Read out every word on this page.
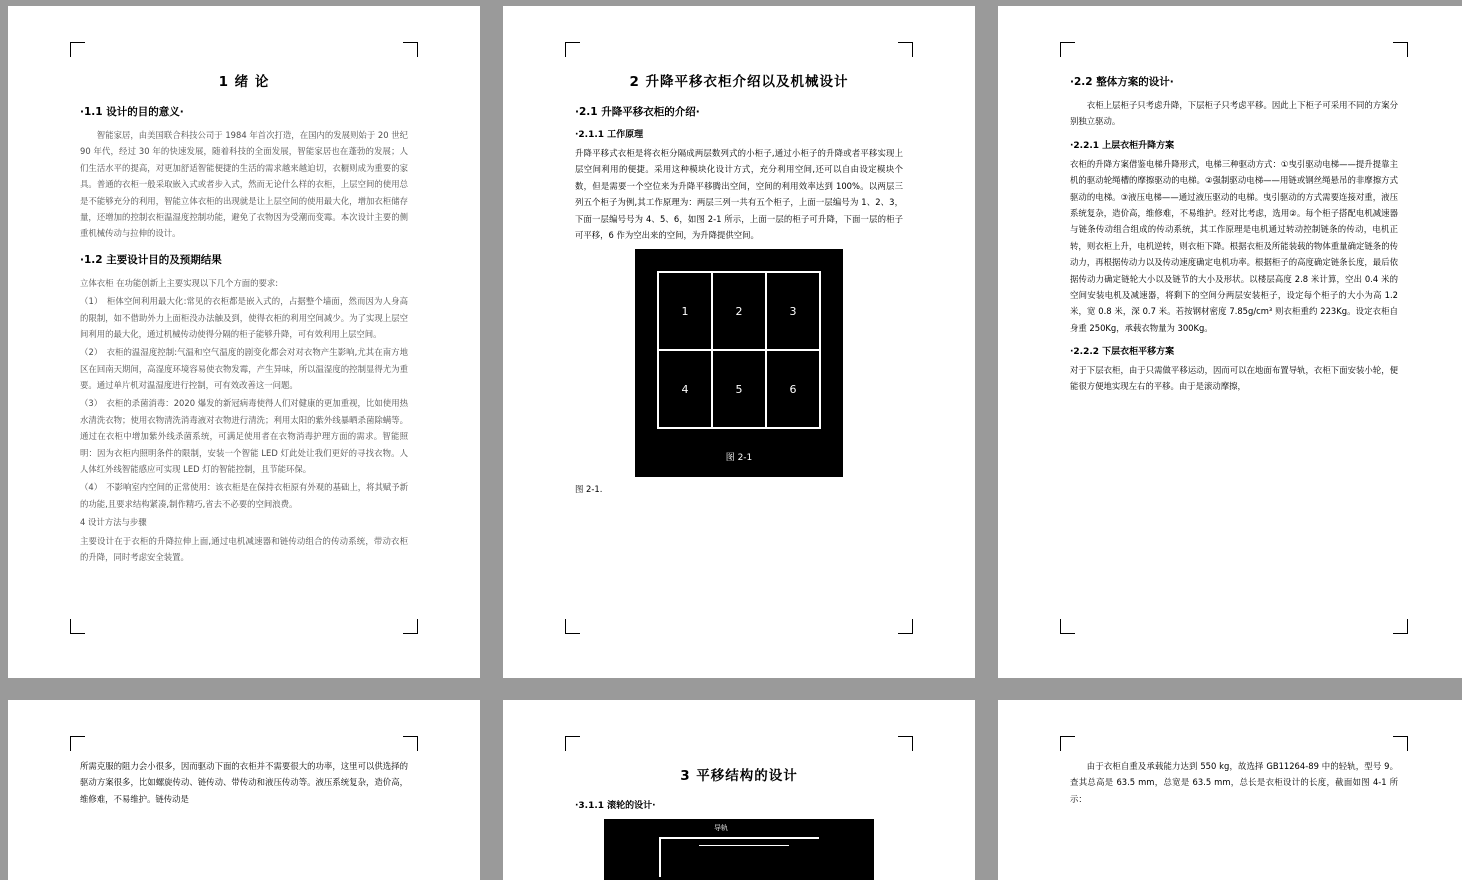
1 绪 论
·1.1 设计的目的意义·

智能家居，由美国联合科技公司于 1984 年首次打造，在国内的发展则始于 20 世纪 90 年代，经过 30 年的快速发展，随着科技的全面发展，智能家居也在蓬勃的发展；人们生活水平的提高，对更加舒适智能便捷的生活的需求越来越迫切，衣橱则成为重要的家具。普通的衣柜一般采取嵌入式或者步入式，然而无论什么样的衣柜，上层空间的使用总是不能够充分的利用，智能立体衣柜的出现就是让上层空间的使用最大化，增加衣柜储存量，还增加的控制衣柜温湿度控制功能，避免了衣物因为受潮而变霉。本次设计主要的侧重机械传动与拉伸的设计。

·1.2 主要设计目的及预期结果

立体衣柜 在功能创新上主要实现以下几个方面的要求:

（1）　柜体空间利用最大化:常见的衣柜都是嵌入式的，占据整个墙面，然而因为人身高的限制，如不借助外力上面柜没办法触及到，使得衣柜的利用空间减少。为了实现上层空间利用的最大化，通过机械传动使得分隔的柜子能够升降，可有效利用上层空间。

（2）　衣柜的温湿度控制:气温和空气温度的剧变化都会对对衣物产生影响,尤其在南方地区在回南天期间，高湿度环境容易使衣物发霉，产生异味，所以温湿度的控制显得尤为重要。通过单片机对温湿度进行控制，可有效改善这一问题。

（3）　衣柜的杀菌消毒：2020 爆发的新冠病毒使得人们对健康的更加重视，比如使用热水清洗衣物；使用衣物清洗消毒液对衣物进行清洗；利用太阳的紫外线暴晒杀菌除螨等。通过在衣柜中增加紫外线杀菌系统，可满足使用者在衣物消毒护理方面的需求。智能照明：因为衣柜内照明条件的限制，安装一个智能 LED 灯此处让我们更好的寻找衣物。人人体红外线智能感应可实现 LED 灯的智能控制，且节能环保。

（4）　不影响室内空间的正常使用：该衣柜是在保持衣柜原有外观的基础上，将其赋予新的功能,且要求结构紧凑,制作精巧,省去不必要的空间浪费。

4 设计方法与步骤

主要设计在于衣柜的升降拉伸上面,通过电机减速器和链传动组合的传动系统，带动衣柜的升降，同时考虑安全装置。

2 升降平移衣柜介绍以及机械设计
·2.1 升降平移衣柜的介绍·
·2.1.1 工作原理

升降平移式衣柜是将衣柜分隔成两层数列式的小柜子,通过小柜子的升降或者平移实现上层空间利用的便捷。采用这种模块化设计方式，充分利用空间,还可以自由设定模块个数，但是需要一个空位来为升降平移腾出空间，空间的利用效率达到 100%。以两层三列五个柜子为例,其工作原理为：两层三列一共有五个柜子，上面一层编号为 1、2、3，下面一层编号号为 4、5、6，如图 2-1 所示，上面一层的柜子可升降，下面一层的柜子可平移，6 作为空出来的空间，为升降提供空间。

1	2	3
4	5	6
图 2-1

图 2-1.

·2.2 整体方案的设计·

衣柜上层柜子只考虑升降，下层柜子只考虑平移。因此上下柜子可采用不同的方案分别独立驱动。

·2.2.1 上层衣柜升降方案

衣柜的升降方案借鉴电梯升降形式，电梯三种驱动方式：①曳引驱动电梯——提升提靠主机的驱动轮绳槽的摩擦驱动的电梯。②强制驱动电梯——用链或钢丝绳悬吊的非摩擦方式驱动的电梯。③液压电梯——通过液压驱动的电梯。曳引驱动的方式需要连接对重，液压系统复杂，造价高，维修难，不易维护。经对比考虑，选用②。每个柜子搭配电机减速器与链条传动组合组成的传动系统，其工作原理是电机通过转动控制链条的传动，电机正转，则衣柜上升，电机逆转，则衣柜下降。根据衣柜及所能装载的物体重量确定链条的传动力，再根据传动力以及传动速度确定电机功率。根据柜子的高度确定链条长度，最后依据传动力确定链轮大小以及链节的大小及形状。以楼层高度 2.8 米计算，空出 0.4 米的空间安装电机及减速器，将剩下的空间分两层安装柜子，设定每个柜子的大小为高 1.2 米，宽 0.8 米，深 0.7 米。若按钢材密度 7.85g/cm³ 则衣柜重约 223Kg。设定衣柜自身重 250Kg，承载衣物量为 300Kg。

·2.2.2 下层衣柜平移方案

对于下层衣柜，由于只需做平移运动，因而可以在地面布置导轨，衣柜下面安装小轮，便能很方便地实现左右的平移。由于是滚动摩擦，

所需克服的阻力会小很多，因而驱动下面的衣柜并不需要很大的功率，这里可以供选择的驱动方案很多，比如螺旋传动、链传动、带传动和液压传动等。液压系统复杂，造价高，维修难，不易维护。链传动是

3 平移结构的设计
·3.1.1 滚轮的设计·
导轨

由于衣柜自重及承载能力达到 550 kg，故选择 GB11264-89 中的轻轨，型号 9。查其总高是 63.5 mm，总宽是 63.5 mm，总长是衣柜设计的长度，截面如图 4-1 所示：
